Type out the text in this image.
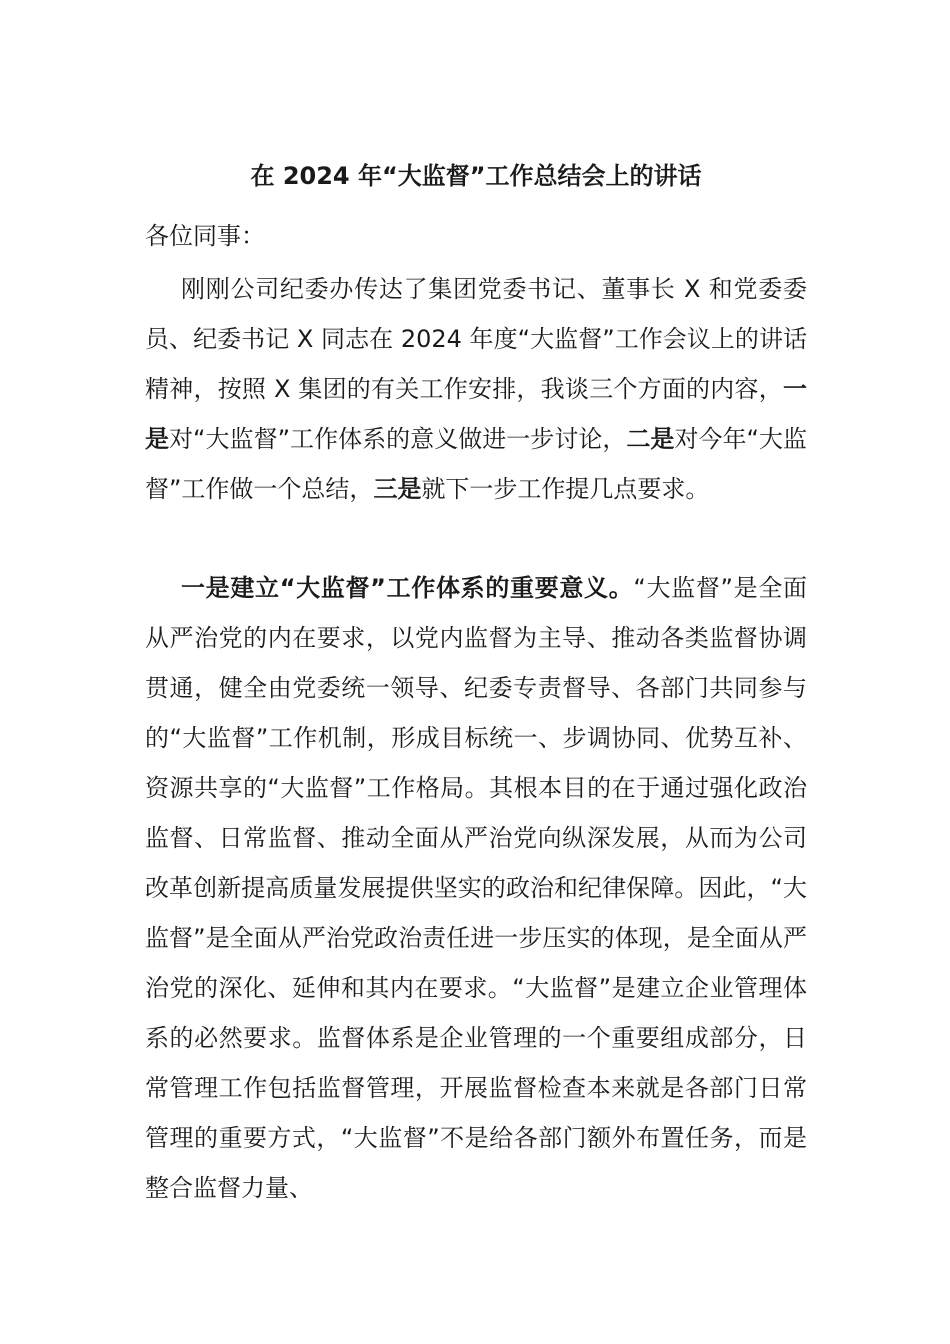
在 2024 年“大监督”工作总结会上的讲话

各位同事：

刚刚公司纪委办传达了集团党委书记、董事长 X 和党委委员、纪委书记 X 同志在 2024 年度“大监督”工作会议上的讲话精神，按照 X 集团的有关工作安排，我谈三个方面的内容，一是对“大监督”工作体系的意义做进一步讨论，二是对今年“大监督”工作做一个总结，三是就下一步工作提几点要求。

一是建立“大监督”工作体系的重要意义。“大监督”是全面从严治党的内在要求，以党内监督为主导、推动各类监督协调贯通，健全由党委统一领导、纪委专责督导、各部门共同参与的“大监督”工作机制，形成目标统一、步调协同、优势互补、资源共享的“大监督”工作格局。其根本目的在于通过强化政治监督、日常监督、推动全面从严治党向纵深发展，从而为公司改革创新提高质量发展提供坚实的政治和纪律保障。因此，“大监督”是全面从严治党政治责任进一步压实的体现，是全面从严治党的深化、延伸和其内在要求。“大监督”是建立企业管理体系的必然要求。监督体系是企业管理的一个重要组成部分，日常管理工作包括监督管理，开展监督检查本来就是各部门日常管理的重要方式，“大监督”不是给各部门额外布置任务，而是整合监督力量、
